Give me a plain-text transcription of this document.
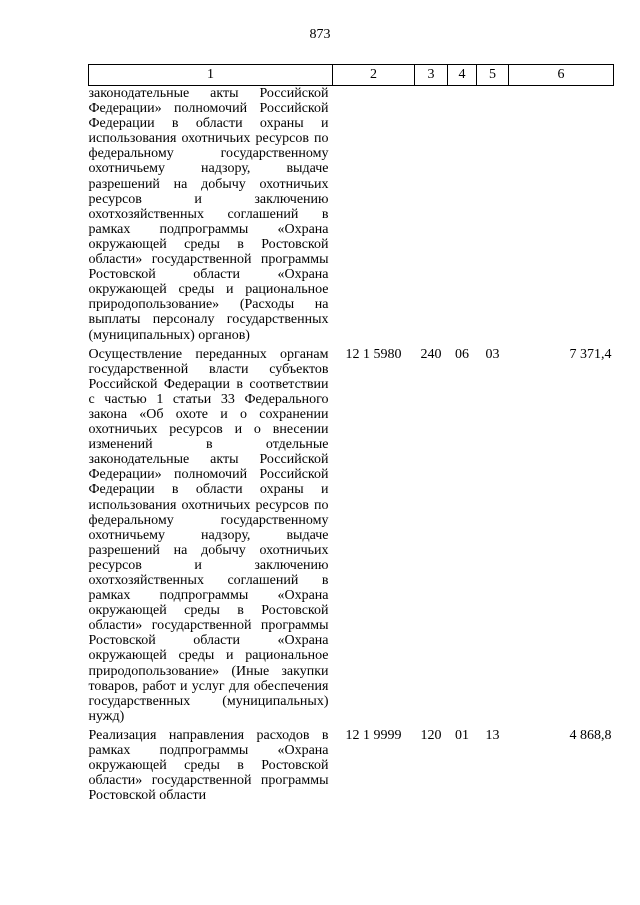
873
1	2	3	4	5	6

законодательные акты Российской Федерации» полномочий Российской Федерации в области охраны и использования охотничьих ресурсов по федеральному государственному охотничьему надзору, выдаче разрешений на добычу охотничьих ресурсов и заключению охотхозяйственных соглашений в рамках подпрограммы «Охрана окружающей среды в Ростовской области» государственной программы Ростовской области «Охрана окружающей среды и рациональное природопользование» (Расходы на выплаты персоналу государственных (муниципальных) органов)					

Осуществление переданных органам государственной власти субъектов Российской Федерации в соответствии с частью 1 статьи 33 Федерального закона «Об охоте и о сохранении охотничьих ресурсов и о внесении изменений в отдельные законодательные акты Российской Федерации» полномочий Российской Федерации в области охраны и использования охотничьих ресурсов по федеральному государственному охотничьему надзору, выдаче разрешений на добычу охотничьих ресурсов и заключению охотхозяйственных соглашений в рамках подпрограммы «Охрана окружающей среды в Ростовской области» государственной программы Ростовской области «Охрана окружающей среды и рациональное природопользование» (Иные закупки товаров, работ и услуг для обеспечения государственных (муниципальных) нужд)	12 1 5980	240	06	03	7 371,4

Реализация направления расходов в рамках подпрограммы «Охрана окружающей среды в Ростовской области» государственной программы Ростовской области	12 1 9999	120	01	13	4 868,8
